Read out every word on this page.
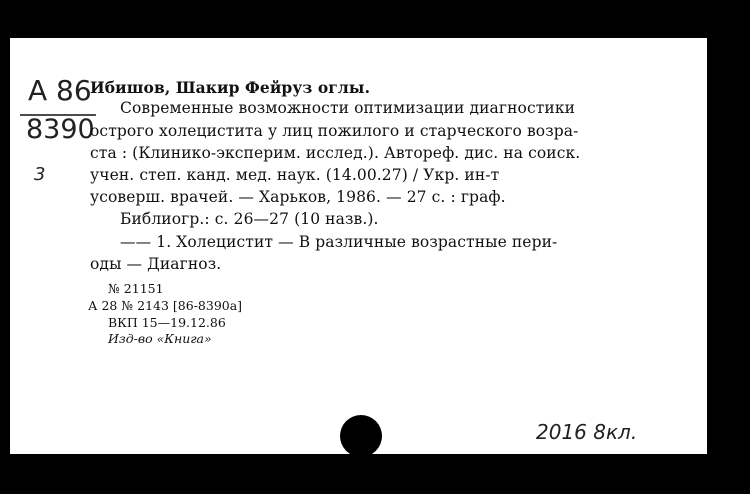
А 86
8390
3
Ибишов, Шакир Фейруз оглы.
Современные возможности оптимизации диагностики
острого холецистита у лиц пожилого и старческого возра-
ста : (Клинико-эксперим. исслед.). Автореф. дис. на соиск.
учен. степ. канд. мед. наук. (14.00.27) / Укр. ин-т
усоверш. врачей. — Харьков, 1986. — 27 с. : граф.
Библиогр.: с. 26—27 (10 назв.).
—— 1. Холецистит — В различные возрастные пери-
оды — Диагноз.
№ 21151
А 28 № 2143 [86-8390а]
ВКП 15—19.12.86
Изд-во «Книга»
2016 8кл.
